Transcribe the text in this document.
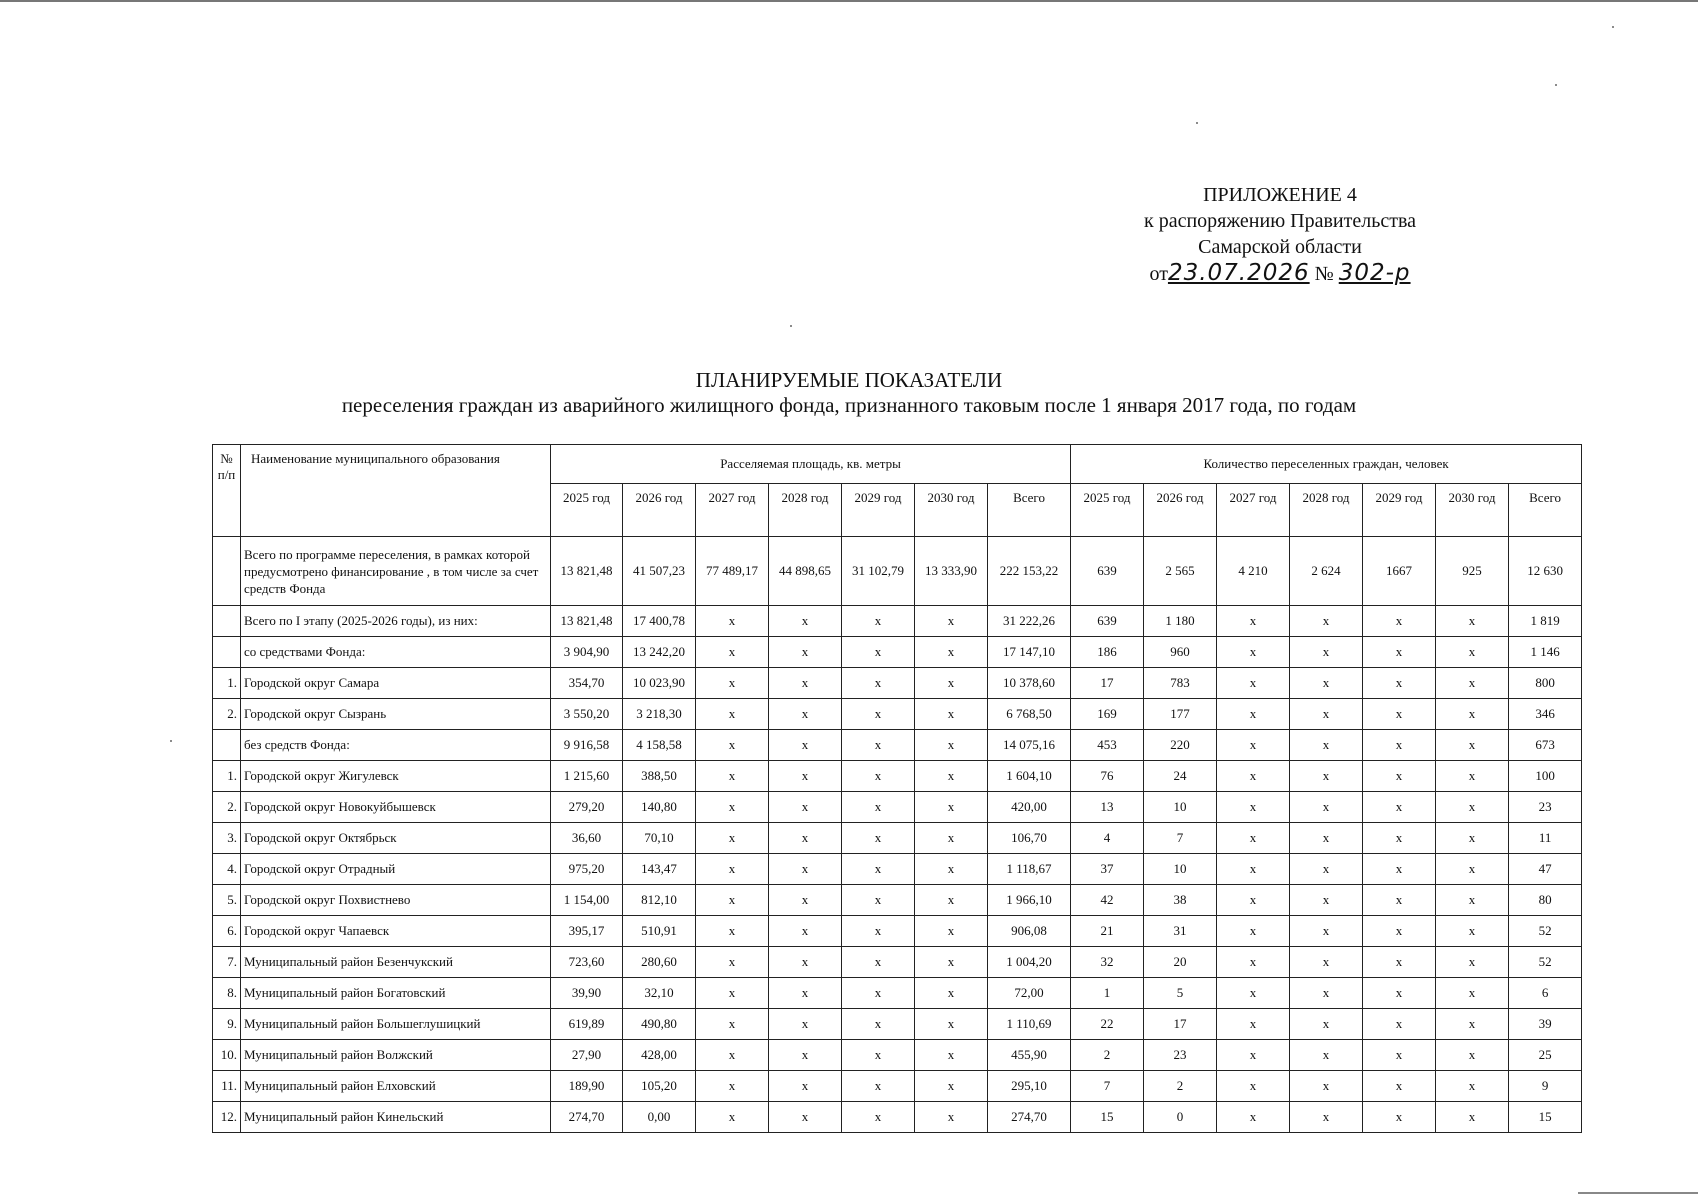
ПРИЛОЖЕНИЕ 4
к распоряжению Правительства
Самарской области
от23.07.2026 № 302-р
ПЛАНИРУЕМЫЕ ПОКАЗАТЕЛИ
переселения граждан из аварийного жилищного фонда, признанного таковым после 1 января 2017 года, по годам
№ п/п	Наименование муниципального образования	Расселяемая площадь, кв. метры							Количество переселенных граждан, человек						
		2025 год	2026 год	2027 год	2028 год	2029 год	2030 год	Всего	2025 год	2026 год	2027 год	2028 год	2029 год	2030 год	Всего
	Всего по программе переселения, в рамках которой предусмотрено финансирование , в том числе за счет средств Фонда	13 821,48	41 507,23	77 489,17	44 898,65	31 102,79	13 333,90	222 153,22	639	2 565	4 210	2 624	1667	925	12 630
	Всего по I этапу (2025-2026 годы), из них:	13 821,48	17 400,78	x	x	x	x	31 222,26	639	1 180	x	x	x	x	1 819
	со средствами Фонда:	3 904,90	13 242,20	x	x	x	x	17 147,10	186	960	x	x	x	x	1 146
1.	Городской округ Самара	354,70	10 023,90	x	x	x	x	10 378,60	17	783	x	x	x	x	800
2.	Городской округ Сызрань	3 550,20	3 218,30	x	x	x	x	6 768,50	169	177	x	x	x	x	346
	без средств Фонда:	9 916,58	4 158,58	x	x	x	x	14 075,16	453	220	x	x	x	x	673
1.	Городской округ Жигулевск	1 215,60	388,50	x	x	x	x	1 604,10	76	24	x	x	x	x	100
2.	Городской округ Новокуйбышевск	279,20	140,80	x	x	x	x	420,00	13	10	x	x	x	x	23
3.	Городской округ Октябрьск	36,60	70,10	x	x	x	x	106,70	4	7	x	x	x	x	11
4.	Городской округ Отрадный	975,20	143,47	x	x	x	x	1 118,67	37	10	x	x	x	x	47
5.	Городской округ Похвистнево	1 154,00	812,10	x	x	x	x	1 966,10	42	38	x	x	x	x	80
6.	Городской округ Чапаевск	395,17	510,91	x	x	x	x	906,08	21	31	x	x	x	x	52
7.	Муниципальный район Безенчукский	723,60	280,60	x	x	x	x	1 004,20	32	20	x	x	x	x	52
8.	Муниципальный район Богатовский	39,90	32,10	x	x	x	x	72,00	1	5	x	x	x	x	6
9.	Муниципальный район Большеглушицкий	619,89	490,80	x	x	x	x	1 110,69	22	17	x	x	x	x	39
10.	Муниципальный район Волжский	27,90	428,00	x	x	x	x	455,90	2	23	x	x	x	x	25
11.	Муниципальный район Елховский	189,90	105,20	x	x	x	x	295,10	7	2	x	x	x	x	9
12.	Муниципальный район Кинельский	274,70	0,00	x	x	x	x	274,70	15	0	x	x	x	x	15
